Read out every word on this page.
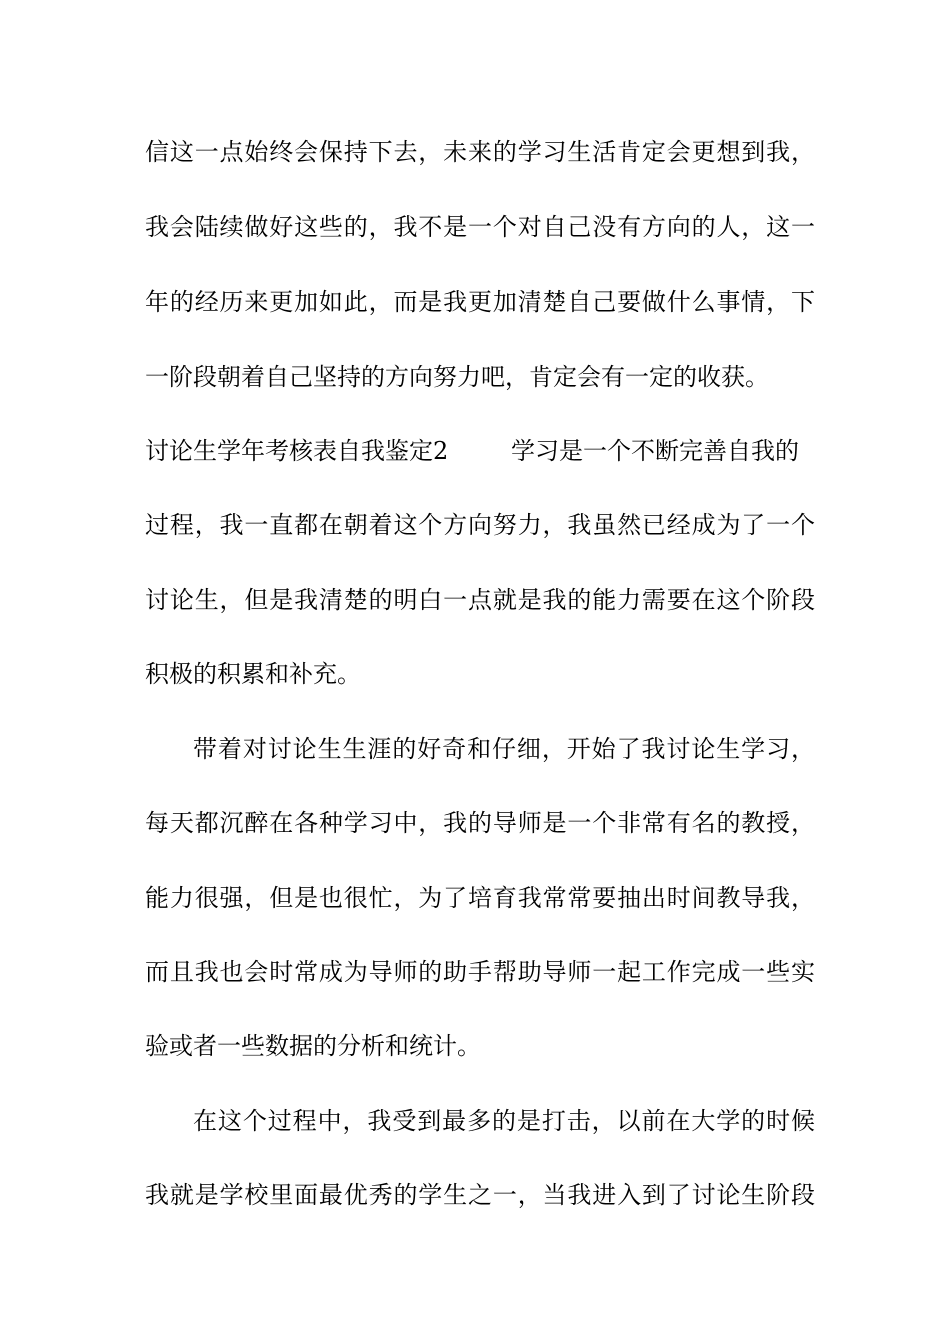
信这一点始终会保持下去，未来的学习生活肯定会更想到我，
我会陆续做好这些的，我不是一个对自己没有方向的人，这一
年的经历来更加如此，而是我更加清楚自己要做什么事情，下
一阶段朝着自己坚持的方向努力吧，肯定会有一定的收获。
讨论生学年考核表自我鉴定2	学习是一个不断完善自我的
过程，我一直都在朝着这个方向努力，我虽然已经成为了一个
讨论生，但是我清楚的明白一点就是我的能力需要在这个阶段
积极的积累和补充。
带着对讨论生生涯的好奇和仔细，开始了我讨论生学习，
每天都沉醉在各种学习中，我的导师是一个非常有名的教授，
能力很强，但是也很忙，为了培育我常常要抽出时间教导我，
而且我也会时常成为导师的助手帮助导师一起工作完成一些实
验或者一些数据的分析和统计。
在这个过程中，我受到最多的是打击，以前在大学的时候
我就是学校里面最优秀的学生之一，当我进入到了讨论生阶段
